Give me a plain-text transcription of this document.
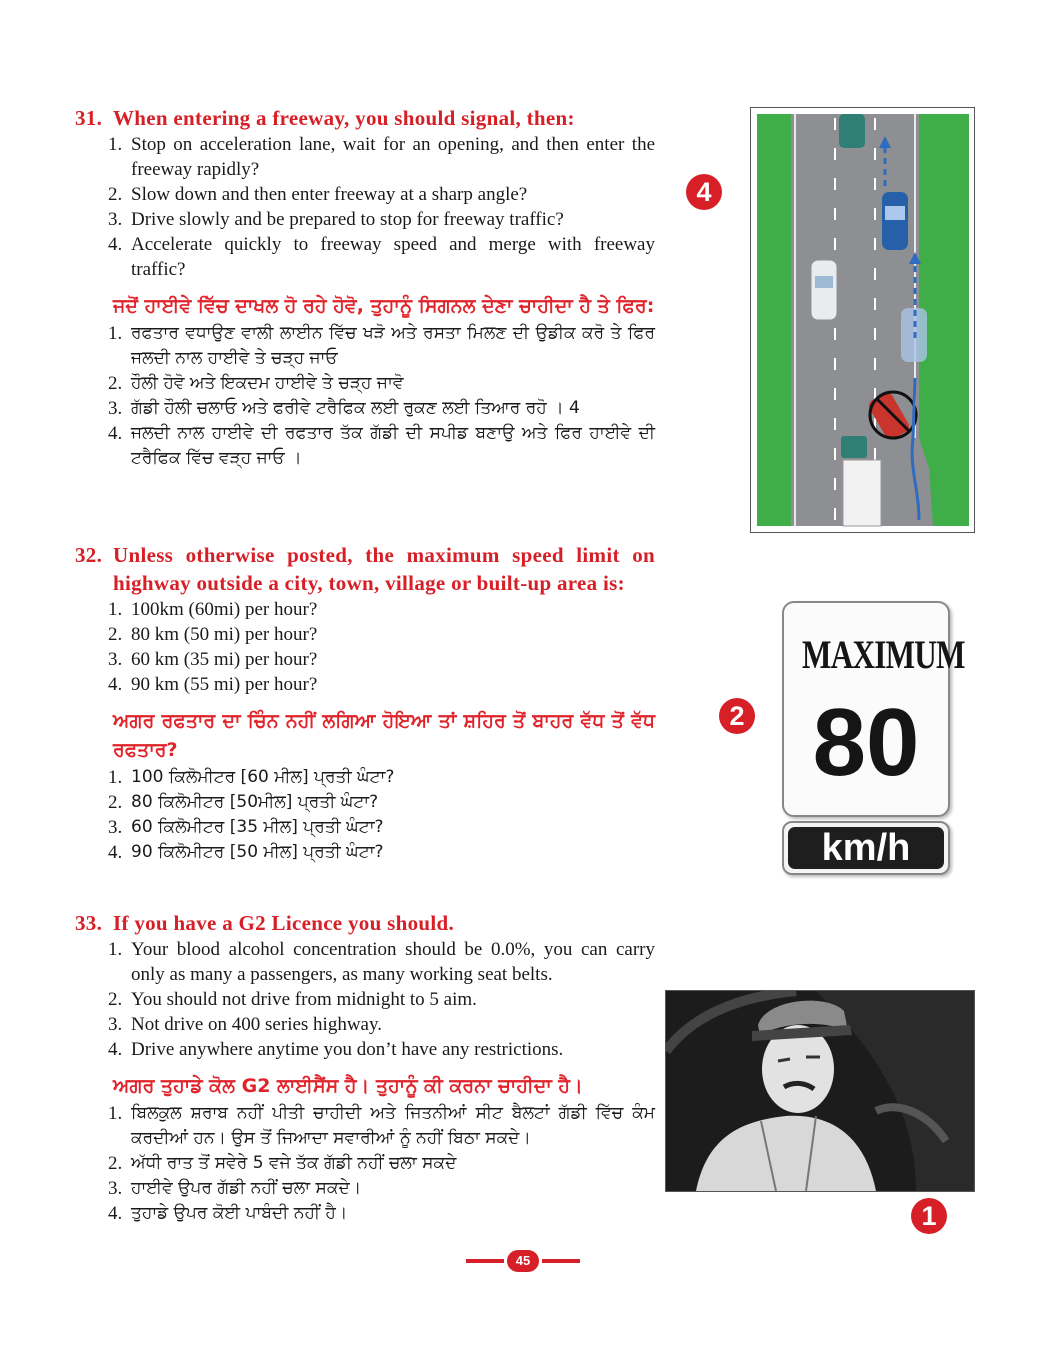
31. When entering a freeway, you should signal, then:
1. Stop on acceleration lane, wait for an opening, and then enter the freeway rapidly?
2. Slow down and then enter freeway at a sharp angle?
3. Drive slowly and be prepared to stop for freeway traffic?
4. Accelerate quickly to freeway speed and merge with freeway traffic?
ਜਦੋਂ ਹਾਈਵੇ ਵਿੱਚ ਦਾਖਲ ਹੋ ਰਹੇ ਹੋਵੋ, ਤੁਹਾਨੂੰ ਸਿਗਨਲ ਦੇਣਾ ਚਾਹੀਦਾ ਹੈ ਤੇ ਫਿਰ:
1. ਰਫਤਾਰ ਵਧਾਉਣ ਵਾਲੀ ਲਾਈਨ ਵਿੱਚ ਖੜੋ ਅਤੇ ਰਸਤਾ ਮਿਲਣ ਦੀ ਉਡੀਕ ਕਰੋ ਤੇ ਫਿਰ ਜਲਦੀ ਨਾਲ ਹਾਈਵੇ ਤੇ ਚੜ੍ਹ ਜਾਓ
2. ਹੌਲੀ ਹੋਵੋ ਅਤੇ ਇਕਦਮ ਹਾਈਵੇ ਤੇ ਚੜ੍ਹ ਜਾਵੋ
3. ਗੱਡੀ ਹੌਲੀ ਚਲਾਓ ਅਤੇ ਫਰੀਵੇ ਟਰੈਫਿਕ ਲਈ ਰੁਕਣ ਲਈ ਤਿਆਰ ਰਹੋ । 4
4. ਜਲਦੀ ਨਾਲ ਹਾਈਵੇ ਦੀ ਰਫਤਾਰ ਤੱਕ ਗੱਡੀ ਦੀ ਸਪੀਡ ਬਣਾਉ ਅਤੇ ਫਿਰ ਹਾਈਵੇ ਦੀ ਟਰੈਫਿਕ ਵਿੱਚ ਵੜ੍ਹ ਜਾਓ ।
4
32. Unless otherwise posted, the maximum speed limit on highway outside a city, town, village or built-up area is:
1. 100km (60mi) per hour?
2. 80 km (50 mi) per hour?
3. 60 km (35 mi) per hour?
4. 90 km (55 mi) per hour?
ਅਗਰ ਰਫਤਾਰ ਦਾ ਚਿੰਨ ਨਹੀਂ ਲਗਿਆ ਹੋਇਆ ਤਾਂ ਸ਼ਹਿਰ ਤੋਂ ਬਾਹਰ ਵੱਧ ਤੋਂ ਵੱਧ ਰਫਤਾਰ?
1. 100 ਕਿਲੋਮੀਟਰ [60 ਮੀਲ] ਪ੍ਰਤੀ ਘੰਟਾ?
2. 80 ਕਿਲੋਮੀਟਰ [50ਮੀਲ] ਪ੍ਰਤੀ ਘੰਟਾ?
3. 60 ਕਿਲੋਮੀਟਰ [35 ਮੀਲ] ਪ੍ਰਤੀ ਘੰਟਾ?
4. 90 ਕਿਲੋਮੀਟਰ [50 ਮੀਲ] ਪ੍ਰਤੀ ਘੰਟਾ?
2
MAXIMUM
80
km/h
33. If you have a G2 Licence you should.
1. Your blood alcohol concentration should be 0.0%, you can carry only as many a passengers, as many working seat belts.
2. You should not drive from midnight to 5 aim.
3. Not drive on 400 series highway.
4. Drive anywhere anytime you don’t have any restrictions.
ਅਗਰ ਤੁਹਾਡੇ ਕੋਲ G2 ਲਾਈਸੈਂਸ ਹੈ। ਤੁਹਾਨੂੰ ਕੀ ਕਰਨਾ ਚਾਹੀਦਾ ਹੈ।
1. ਬਿਲਕੁਲ ਸ਼ਰਾਬ ਨਹੀਂ ਪੀਤੀ ਚਾਹੀਦੀ ਅਤੇ ਜਿਤਨੀਆਂ ਸੀਟ ਬੈਲਟਾਂ ਗੱਡੀ ਵਿੱਚ ਕੰਮ ਕਰਦੀਆਂ ਹਨ। ਉਸ ਤੋਂ ਜਿਆਦਾ ਸਵਾਰੀਆਂ ਨੂੰ ਨਹੀਂ ਬਿਠਾ ਸਕਦੇ।
2. ਅੱਧੀ ਰਾਤ ਤੋਂ ਸਵੇਰੇ 5 ਵਜੇ ਤੱਕ ਗੱਡੀ ਨਹੀਂ ਚਲਾ ਸਕਦੇ
3. ਹਾਈਵੇ ਉਪਰ ਗੱਡੀ ਨਹੀਂ ਚਲਾ ਸਕਦੇ।
4. ਤੁਹਾਡੇ ਉਪਰ ਕੋਈ ਪਾਬੰਦੀ ਨਹੀਂ ਹੈ।	1
45
